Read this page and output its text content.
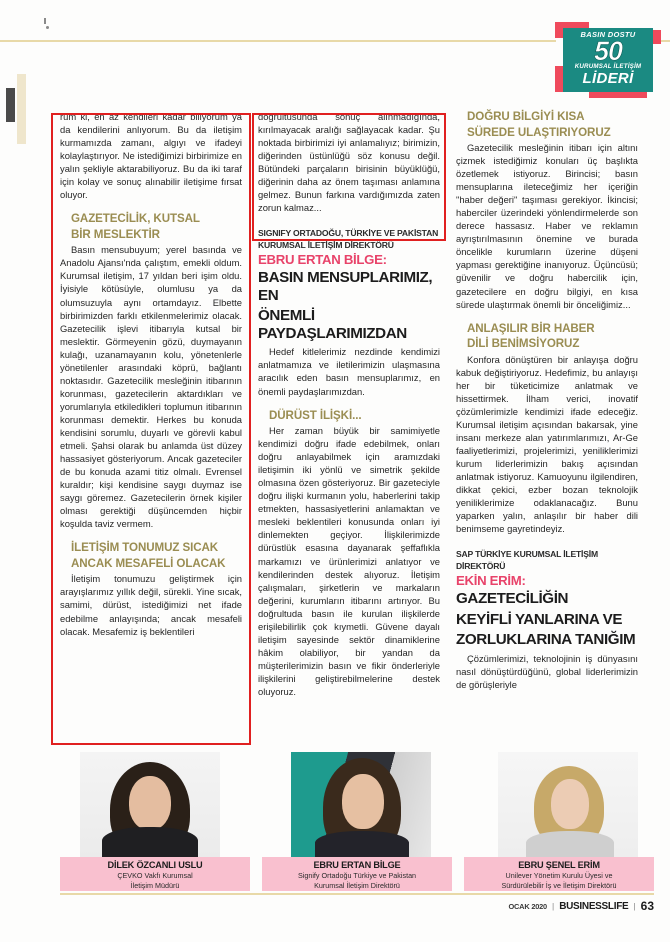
BASIN DOSTU
50
KURUMSAL İLETİŞİM
LİDERİ

rum ki, en az kendileri kadar biliyorum ya da kendilerini anlıyorum. Bu da iletişim kurmamızda zamanı, algıyı ve ifadeyi kolaylaştırıyor. Ne istediğimizi birbirimize en yalın şekliyle aktarabiliyoruz. Bu da iki taraf için kolay ve sonuç alınabilir iletişime fırsat oluyor.

GAZETECİLİK, KUTSAL
BİR MESLEKTİR

Basın mensubuyum; yerel basında ve Anadolu Ajansı'nda çalıştım, emekli oldum. Kurumsal iletişim, 17 yıldan beri işim oldu. İyisiyle kötüsüyle, olumlusu ya da olumsuzuyla aynı ortamdayız. Elbette birbirimizden farklı etkilenmelerimiz olacak. Gazetecilik işlevi itibarıyla kutsal bir meslektir. Görmeyenin gözü, duymayanın kulağı, uzanamayanın kolu, yönetenlerle yönetilenler arasındaki köprü, bağlantı noktasıdır. Gazetecilik mesleğinin itibarının korunması, gazetecilerin aktardıkları ve yorumlarıyla etkiledikleri toplumun itibarının korunması demektir. Herkes bu konuda kendisini sorumlu, duyarlı ve görevli kabul etmeli. Şahsi olarak bu anlamda üst düzey hassasiyet gösteriyorum. Ancak gazeteciler de bu konuda azami titiz olmalı. Evrensel kuraldır; kişi kendisine saygı duymaz ise saygı göremez. Gazetecilerin örnek kişiler olması gerektiği düşüncemden hiçbir koşulda taviz vermem.

İLETİŞİM TONUMUZ SICAK
ANCAK MESAFELİ OLACAK

İletişim tonumuzu geliştirmek için arayışlarımız yıllık değil, sürekli. Yine sıcak, samimi, dürüst, istediğimizi net ifade edebilme anlayışında; ancak mesafeli olacak. Mesafemiz iş beklentileri

doğrultusunda sonuç alınmadığında, kırılmayacak aralığı sağlayacak kadar. Şu noktada birbirimizi iyi anlamalıyız; birimizin, diğerinden üstünlüğü söz konusu değil. Bütündeki parçaların birisinin büyüklüğü, diğerinin daha az önem taşıması anlamına gelmez. Bunun farkına vardığımızda zaten zorun kalmaz...

SIGNIFY ORTADOĞU, TÜRKİYE VE PAKİSTAN
KURUMSAL İLETİŞİM DİREKTÖRÜ
EBRU ERTAN BİLGE:
BASIN MENSUPLARIMIZ, EN
ÖNEMLİ PAYDAŞLARIMIZDAN

Hedef kitlelerimiz nezdinde kendimizi anlatmamıza ve iletilerimizin ulaşmasına aracılık eden basın mensuplarımız, en önemli paydaşlarımızdan.

DÜRÜST İLİŞKİ...

Her zaman büyük bir samimiyetle kendimizi doğru ifade edebilmek, onları doğru anlayabilmek için aramızdaki iletişimin iki yönlü ve simetrik şekilde olmasına özen gösteriyoruz. Bir gazeteciyle doğru ilişki kurmanın yolu, haberlerini takip etmekten, hassasiyetlerini anlamaktan ve mesleki beklentileri konusunda onları iyi dinlemekten geçiyor. İlişkilerimizde dürüstlük esasına dayanarak şeffaflıkla markamızı ve ürünlerimizi anlatıyor ve kendilerinden destek alıyoruz. İletişim çalışmaları, şirketlerin ve markaların değerini, kurumların itibarını artırıyor. Bu doğrultuda basın ile kurulan ilişkilerde erişilebilirlik çok kıymetli. Güvene dayalı iletişim sayesinde sektör dinamiklerine hâkim olabiliyor, bir yandan da müşterilerimizin basın ve fikir önderleriyle ilişkilerini geliştirebilmelerine destek oluyoruz.

DOĞRU BİLGİYİ KISA
SÜREDE ULAŞTIRIYORUZ

Gazetecilik mesleğinin itibarı için altını çizmek istediğimiz konuları üç başlıkta özetlemek istiyoruz. Birincisi; basın mensuplarına ileteceğimiz her içeriğin "haber değeri" taşıması gerekiyor. İkincisi; haberciler üzerindeki yönlendirmelerde son derece hassasız. Haber ve reklamın ayrıştırılmasının önemine ve burada öncelikle kurumların üzerine düşeni yapması gerektiğine inanıyoruz. Üçüncüsü; güvenilir ve doğru habercilik için, gazetecilere en doğru bilgiyi, en kısa sürede ulaştırmak önemli bir önceliğimiz...

ANLAŞILIR BİR HABER
DİLİ BENİMSİYORUZ

Konfora dönüştüren bir anlayışa doğru kabuk değiştiriyoruz. Hedefimiz, bu anlayışı her bir tüketicimize anlatmak ve hissettirmek. İlham verici, inovatif çözümlerimizle kendimizi ifade edeceğiz. Kurumsal iletişim açısından bakarsak, yine insanı merkeze alan yatırımlarımızı, Ar-Ge faaliyetlerimizi, projelerimizi, yeniliklerimizi kurum liderlerimizin bakış açısından anlatmak istiyoruz. Kamuoyunu ilgilendiren, dikkat çekici, ezber bozan teknolojik yeniliklerimize odaklanacağız. Bunu yaparken yalın, anlaşılır bir haber dili benimseme gayretindeyiz.

SAP TÜRKİYE KURUMSAL İLETİŞİM DİREKTÖRÜ
EKİN ERİM:
GAZETECİLİĞİN
KEYİFLİ YANLARINA VE
ZORLUKLARINA TANIĞIM

Çözümlerimizi, teknolojinin iş dünyasını nasıl dönüştürdüğünü, global liderlerimizin de görüşleriyle

DİLEK ÖZCANLI USLU
ÇEVKO Vakfı Kurumsal
İletişim Müdürü
EBRU ERTAN BİLGE
Signify Ortadoğu Türkiye ve Pakistan
Kurumsal İletişim Direktörü
EBRU ŞENEL ERİM
Unilever Yönetim Kurulu Üyesi ve
Sürdürülebilir İş ve İletişim Direktörü
OCAK 2020 | BUSINESSLIFE | 63
